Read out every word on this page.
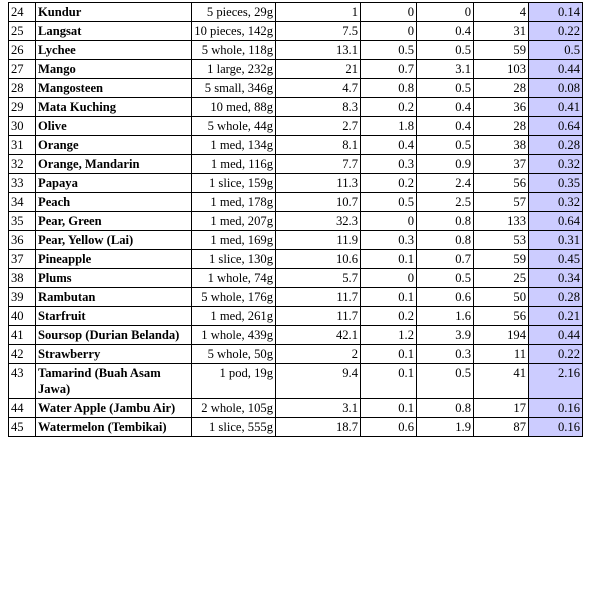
24	Kundur	5 pieces, 29g	1	0	0	4	0.14
25	Langsat	10 pieces, 142g	7.5	0	0.4	31	0.22
26	Lychee	5 whole, 118g	13.1	0.5	0.5	59	0.5
27	Mango	1 large, 232g	21	0.7	3.1	103	0.44
28	Mangosteen	5 small, 346g	4.7	0.8	0.5	28	0.08
29	Mata Kuching	10 med, 88g	8.3	0.2	0.4	36	0.41
30	Olive	5 whole, 44g	2.7	1.8	0.4	28	0.64
31	Orange	1 med, 134g	8.1	0.4	0.5	38	0.28
32	Orange, Mandarin	1 med, 116g	7.7	0.3	0.9	37	0.32
33	Papaya	1 slice, 159g	11.3	0.2	2.4	56	0.35
34	Peach	1 med, 178g	10.7	0.5	2.5	57	0.32
35	Pear, Green	1 med, 207g	32.3	0	0.8	133	0.64
36	Pear, Yellow (Lai)	1 med, 169g	11.9	0.3	0.8	53	0.31
37	Pineapple	1 slice, 130g	10.6	0.1	0.7	59	0.45
38	Plums	1 whole, 74g	5.7	0	0.5	25	0.34
39	Rambutan	5 whole, 176g	11.7	0.1	0.6	50	0.28
40	Starfruit	1 med, 261g	11.7	0.2	1.6	56	0.21
41	Soursop (Durian Belanda)	1 whole, 439g	42.1	1.2	3.9	194	0.44
42	Strawberry	5 whole, 50g	2	0.1	0.3	11	0.22
43	Tamarind (Buah Asam Jawa)	1 pod, 19g	9.4	0.1	0.5	41	2.16
44	Water Apple (Jambu Air)	2 whole, 105g	3.1	0.1	0.8	17	0.16
45	Watermelon (Tembikai)	1 slice, 555g	18.7	0.6	1.9	87	0.16
